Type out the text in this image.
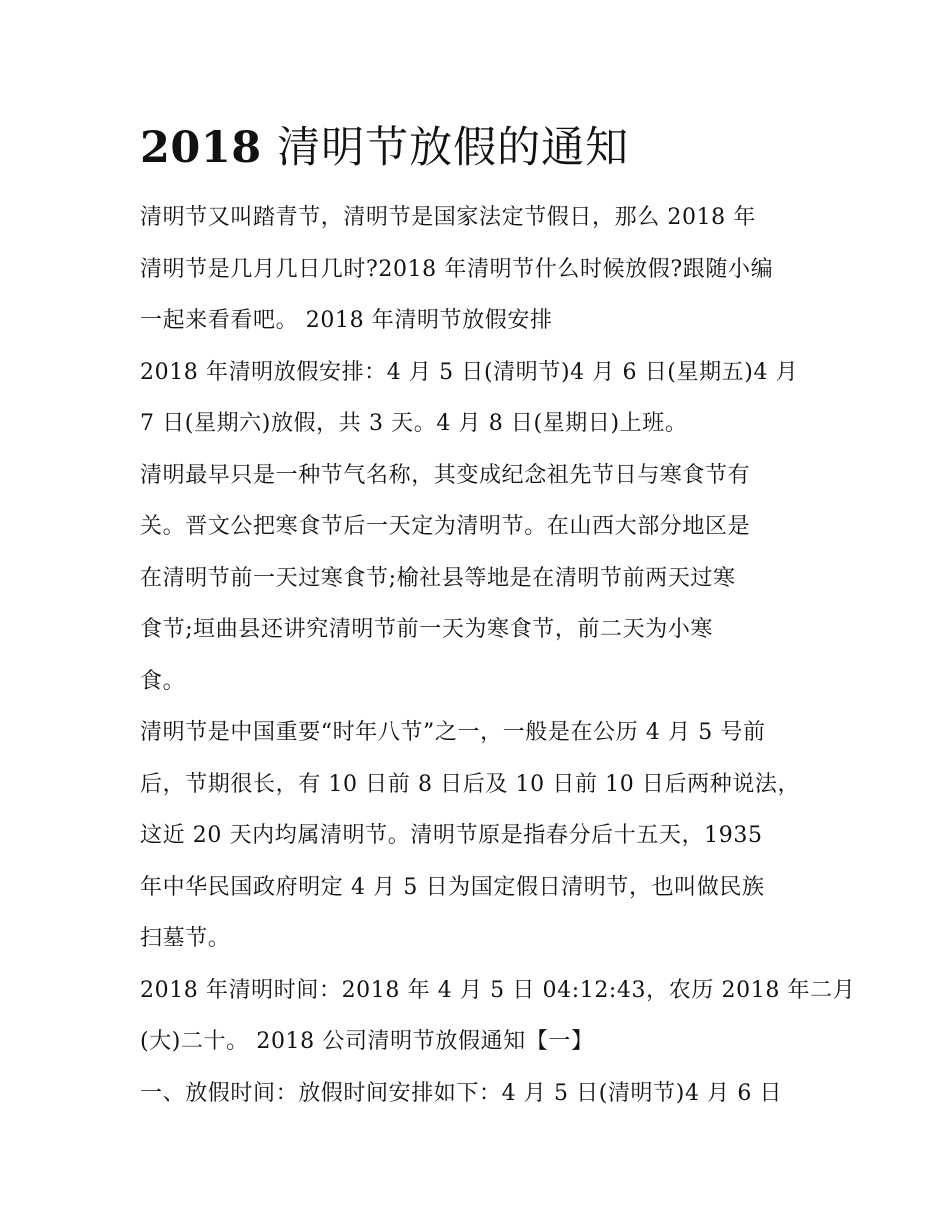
2018 清明节放假的通知

清明节又叫踏青节，清明节是国家法定节假日，那么 2018 年
清明节是几月几日几时?2018 年清明节什么时候放假?跟随小编
一起来看看吧。 2018 年清明节放假安排

2018 年清明放假安排：4 月 5 日(清明节)4 月 6 日(星期五)4 月
7 日(星期六)放假，共 3 天。4 月 8 日(星期日)上班。

清明最早只是一种节气名称，其变成纪念祖先节日与寒食节有
关。晋文公把寒食节后一天定为清明节。在山西大部分地区是
在清明节前一天过寒食节;榆社县等地是在清明节前两天过寒
食节;垣曲县还讲究清明节前一天为寒食节，前二天为小寒
食。

清明节是中国重要“时年八节”之一，一般是在公历 4 月 5 号前
后，节期很长，有 10 日前 8 日后及 10 日前 10 日后两种说法，
这近 20 天内均属清明节。清明节原是指春分后十五天，1935
年中华民国政府明定 4 月 5 日为国定假日清明节，也叫做民族
扫墓节。

2018 年清明时间：2018 年 4 月 5 日 04:12:43，农历 2018 年二月
(大)二十。 2018 公司清明节放假通知【一】

一、放假时间：放假时间安排如下：4 月 5 日(清明节)4 月 6 日
